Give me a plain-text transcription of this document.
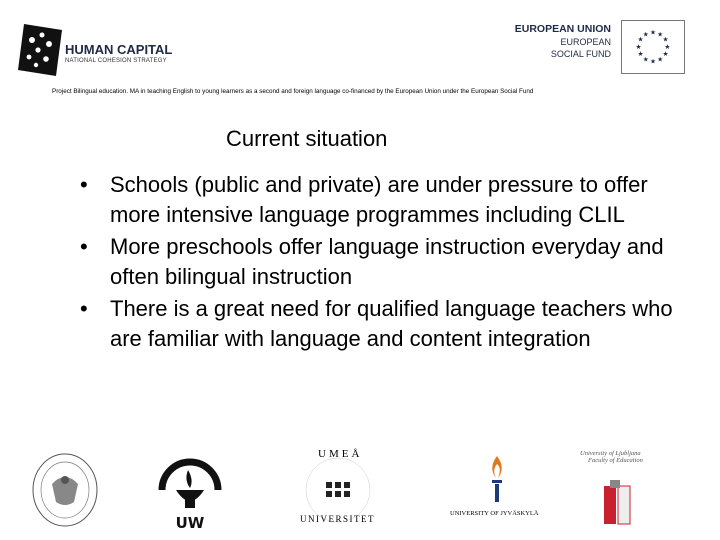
HUMAN CAPITAL
NATIONAL COHESION STRATEGY
EUROPEAN UNION
EUROPEAN
SOCIAL FUND
★ ★
★
★
★
★
★
★
★
★
★
★
Project Bilingual education. MA in teaching English to young learners as a second and foreign language co-financed by the European Union under the European Social Fund
Current situation
• Schools (public and private) are under pressure to offer more intensive language programmes including CLIL
• More preschools offer language instruction everyday and often bilingual instruction
• There is a great need for qualified language teachers who are familiar with language and content integration
UW
UMEÅ
UNIVERSITET
UNIVERSITY OF JYVÄSKYLÄ
University of Ljubljana
Faculty of Education
